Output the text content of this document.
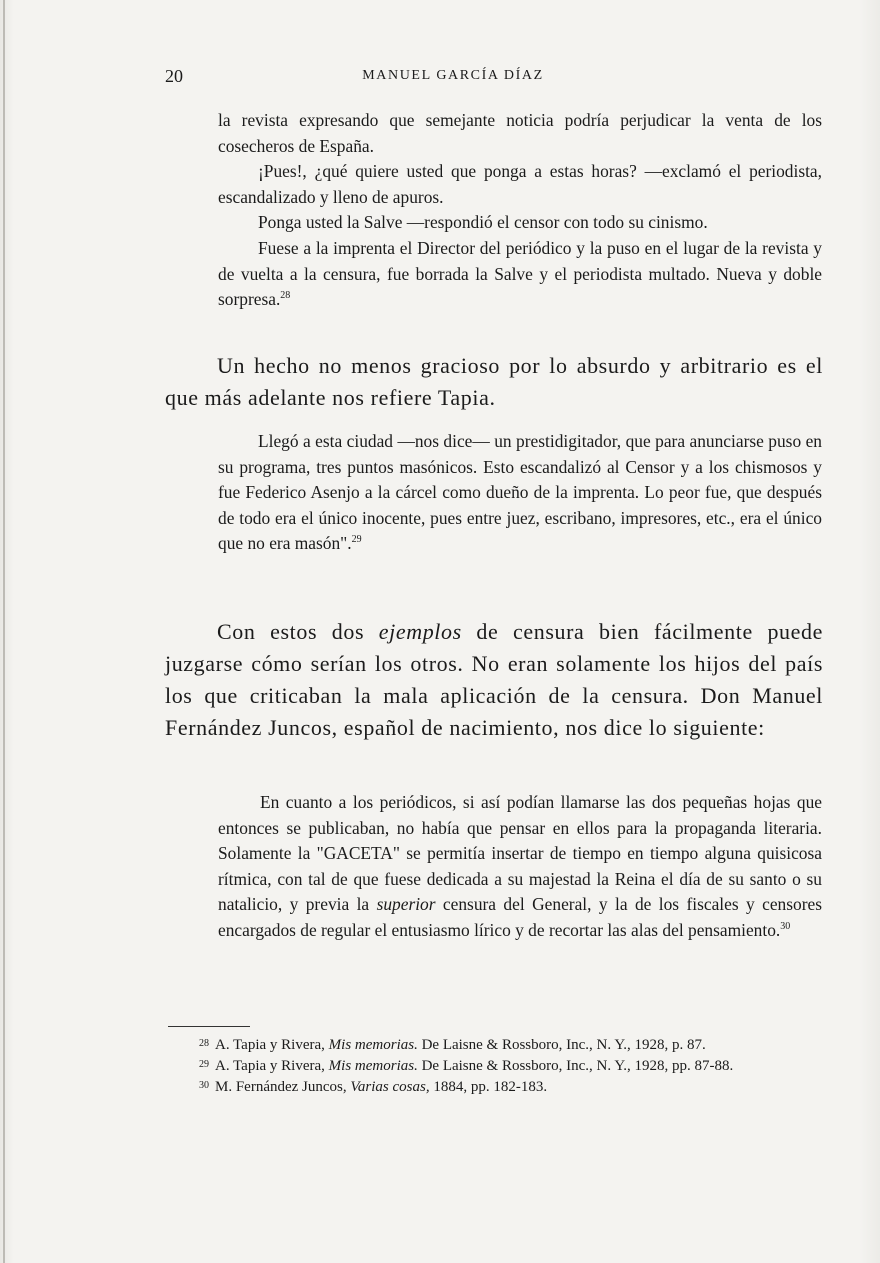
20	MANUEL GARCÍA DÍAZ

la revista expresando que semejante noticia podría perjudicar la venta de los cosecheros de España.

¡Pues!, ¿qué quiere usted que ponga a estas horas? —exclamó el periodista, escandalizado y lleno de apuros.

Ponga usted la Salve —respondió el censor con todo su cinismo.

Fuese a la imprenta el Director del periódico y la puso en el lugar de la revista y de vuelta a la censura, fue borrada la Salve y el periodista multado. Nueva y doble sorpresa.$^{28}$

Un hecho no menos gracioso por lo absurdo y arbitrario es el que más adelante nos refiere Tapia.

Llegó a esta ciudad —nos dice— un prestidigitador, que para anunciarse puso en su programa, tres puntos masónicos. Esto escandalizó al Censor y a los chismosos y fue Federico Asenjo a la cárcel como dueño de la imprenta. Lo peor fue, que después de todo era el único inocente, pues entre juez, escribano, impresores, etc., era el único que no era masón".$^{29}$

Con estos dos ejemplos de censura bien fácilmente puede juzgarse cómo serían los otros. No eran solamente los hijos del país los que criticaban la mala aplicación de la censura. Don Manuel Fernández Juncos, español de nacimiento, nos dice lo siguiente:

En cuanto a los periódicos, si así podían llamarse las dos pequeñas hojas que entonces se publicaban, no había que pensar en ellos para la propaganda literaria. Solamente la "GACETA" se permitía insertar de tiempo en tiempo alguna quisicosa rítmica, con tal de que fuese dedicada a su majestad la Reina el día de su santo o su natalicio, y previa la superior censura del General, y la de los fiscales y censores encargados de regular el entusiasmo lírico y de recortar las alas del pensamiento.$^{30}$

$^{28}$ A. Tapia y Rivera, Mis memorias. De Laisne & Rossboro, Inc., N. Y., 1928, p. 87.

$^{29}$ A. Tapia y Rivera, Mis memorias. De Laisne & Rossboro, Inc., N. Y., 1928, pp. 87-88.

$^{30}$ M. Fernández Juncos, Varias cosas, 1884, pp. 182-183.
